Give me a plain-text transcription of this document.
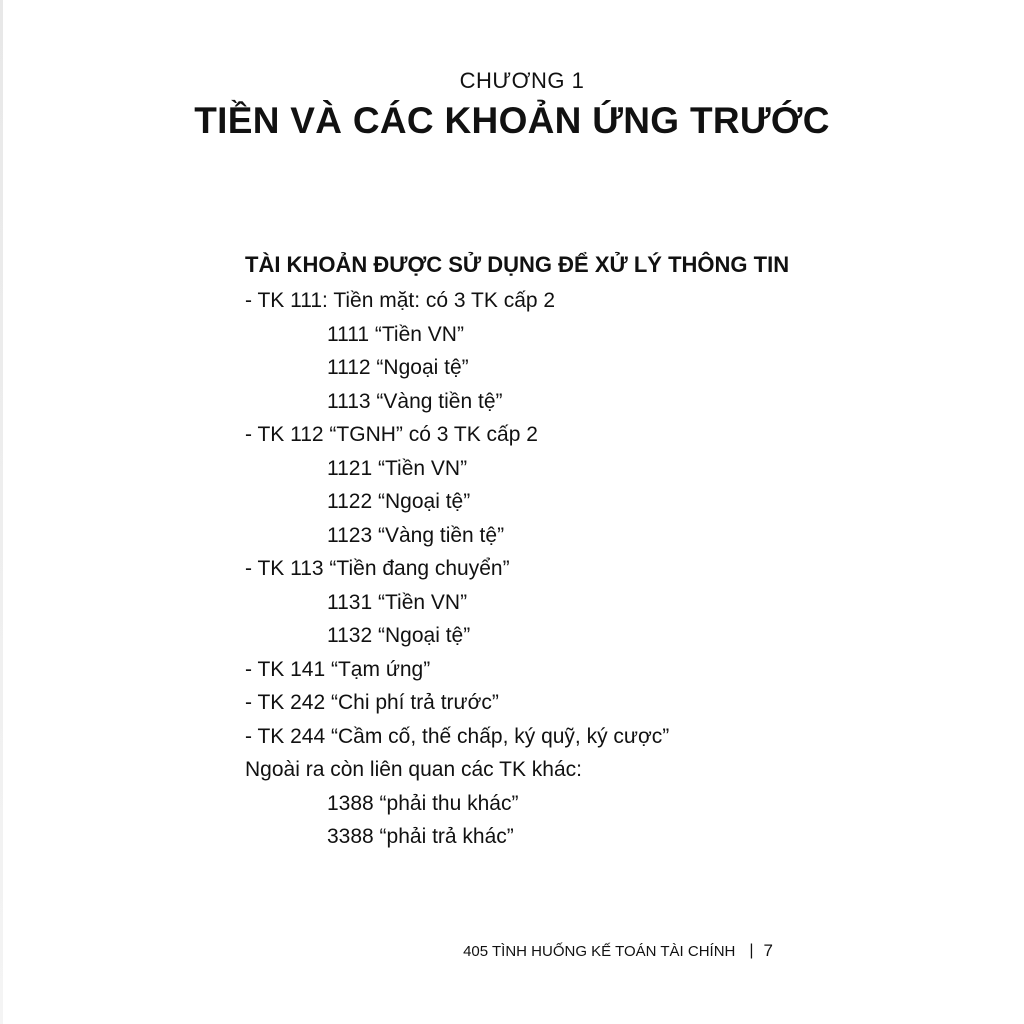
CHƯƠNG 1
TIỀN VÀ CÁC KHOẢN ỨNG TRƯỚC
TÀI KHOẢN ĐƯỢC SỬ DỤNG ĐỂ XỬ LÝ THÔNG TIN
- TK 111: Tiền mặt: có 3 TK cấp 2
1111 “Tiền VN”
1112 “Ngoại tệ”
1113 “Vàng tiền tệ”
- TK 112 “TGNH” có 3 TK cấp 2
1121 “Tiền VN”
1122 “Ngoại tệ”
1123 “Vàng tiền tệ”
- TK 113 “Tiền đang chuyển”
1131 “Tiền VN”
1132 “Ngoại tệ”
- TK 141 “Tạm ứng”
- TK 242 “Chi phí trả trước”
- TK 244 “Cầm cố, thế chấp, ký quỹ, ký cược”
Ngoài ra còn liên quan các TK khác:
1388 “phải thu khác”
3388 “phải trả khác”
405 TÌNH HUỐNG KẾ TOÁN TÀI CHÍNH | 7
